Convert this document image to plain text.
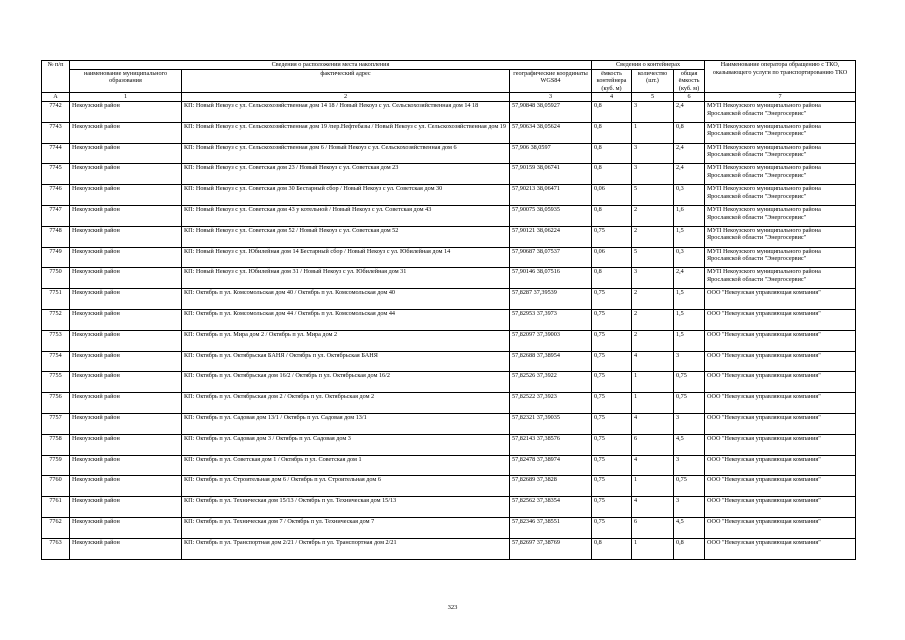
№ п/п	Сведения о расположении места накопления			Сведения о контейнерах			Наименование оператора обращению с ТКО, оказывающего услуги по транспортированию ТКО
	наименование муниципального образования	фактический адрес	географические координаты WGS84	ёмкость контейнера (куб. м)	количество (шт.)	общая ёмкость (куб. м)	
А	1	2	3	4	5	6	7
7742	Некоузский район	КП: Новый Некоуз с ул. Сельскохозяйственная дом 14 18 / Новый Некоуз с ул. Сельскохозяйственная дом 14 18	57,90848 38,05927	0,8	3	2,4	МУП Некоузского муниципального района Ярославской области "Энергосервис"
7743	Некоузский район	КП: Новый Некоуз с ул. Сельскохозяйственная дом 19 /пер.Нефтебазы / Новый Некоуз с ул. Сельскохозяйственная дом 19	57,90634 38,05624	0,8	1	0,8	МУП Некоузского муниципального района Ярославской области "Энергосервис"
7744	Некоузский район	КП: Новый Некоуз с ул. Сельскохозяйственная дом 6 / Новый Некоуз с ул. Сельскохозяйственная дом 6	57,906 38,0597	0,8	3	2,4	МУП Некоузского муниципального района Ярославской области "Энергосервис"
7745	Некоузский район	КП: Новый Некоуз с ул. Советская дом 23 / Новый Некоуз с ул. Советская дом 23	57,90159 38,06741	0,8	3	2,4	МУП Некоузского муниципального района Ярославской области "Энергосервис"
7746	Некоузский район	КП: Новый Некоуз с ул. Советская дом 30 Бестарный сбор / Новый Некоуз с ул. Советская дом 30	57,90213 38,06471	0,06	5	0,3	МУП Некоузского муниципального района Ярославской области "Энергосервис"
7747	Некоузский район	КП: Новый Некоуз с ул. Советская дом 43 у котельной / Новый Некоуз с ул. Советская дом 43	57,90075 38,05935	0,8	2	1,6	МУП Некоузского муниципального района Ярославской области "Энергосервис"
7748	Некоузский район	КП: Новый Некоуз с ул. Советская дом 52 / Новый Некоуз с ул. Советская дом 52	57,90121 38,06224	0,75	2	1,5	МУП Некоузского муниципального района Ярославской области "Энергосервис"
7749	Некоузский район	КП: Новый Некоуз с ул. Юбилейная дом 14 Бестарный сбор / Новый Некоуз с ул. Юбилейная дом 14	57,90687 38,07537	0,06	5	0,3	МУП Некоузского муниципального района Ярославской области "Энергосервис"
7750	Некоузский район	КП: Новый Некоуз с ул. Юбилейная дом 31 / Новый Некоуз с ул. Юбилейная дом 31	57,90146 38,07516	0,8	3	2,4	МУП Некоузского муниципального района Ярославской области "Энергосервис"
7751	Некоузский район	КП: Октябрь п ул. Комсомольская дом 40 / Октябрь п ул. Комсомольская дом 40	57,8287 37,39539	0,75	2	1,5	ООО "Некоузская управляющая компания"
7752	Некоузский район	КП: Октябрь п ул. Комсомольская дом 44 / Октябрь п ул. Комсомольская дом 44	57,82953 37,3973	0,75	2	1,5	ООО "Некоузская управляющая компания"
7753	Некоузский район	КП: Октябрь п ул. Мира дом 2 / Октябрь п ул. Мира дом 2	57,82097 37,39003	0,75	2	1,5	ООО "Некоузская управляющая компания"
7754	Некоузский район	КП: Октябрь п ул. Октябрьская БАНЯ / Октябрь п ул. Октябрьская БАНЯ	57,82688 37,38954	0,75	4	3	ООО "Некоузская управляющая компания"
7755	Некоузский район	КП: Октябрь п ул. Октябрьская дом 16/2 / Октябрь п ул. Октябрьская дом 16/2	57,82526 37,3922	0,75	1	0,75	ООО "Некоузская управляющая компания"
7756	Некоузский район	КП: Октябрь п ул. Октябрьская дом 2 / Октябрь п ул. Октябрьская дом 2	57,82522 37,3923	0,75	1	0,75	ООО "Некоузская управляющая компания"
7757	Некоузский район	КП: Октябрь п ул. Садовая дом 13/1 / Октябрь п ул. Садовая дом 13/1	57,82321 37,39035	0,75	4	3	ООО "Некоузская управляющая компания"
7758	Некоузский район	КП: Октябрь п ул. Садовая дом 3 / Октябрь п ул. Садовая дом 3	57,82143 37,38576	0,75	6	4,5	ООО "Некоузская управляющая компания"
7759	Некоузский район	КП: Октябрь п ул. Советская дом 1 / Октябрь п ул. Советская дом 1	57,82478 37,38974	0,75	4	3	ООО "Некоузская управляющая компания"
7760	Некоузский район	КП: Октябрь п ул. Строительная дом 6 / Октябрь п ул. Строительная дом 6	57,82689 37,3828	0,75	1	0,75	ООО "Некоузская управляющая компания"
7761	Некоузский район	КП: Октябрь п ул. Техническая дом 15/13 / Октябрь п ул. Техническая дом 15/13	57,82562 37,38354	0,75	4	3	ООО "Некоузская управляющая компания"
7762	Некоузский район	КП: Октябрь п ул. Техническая дом 7 / Октябрь п ул. Техническая дом 7	57,82346 37,38551	0,75	6	4,5	ООО "Некоузская управляющая компания"
7763	Некоузский район	КП: Октябрь п ул. Транспортная дом 2/21 / Октябрь п ул. Транспортная дом 2/21	57,82697 37,38769	0,8	1	0,8	ООО "Некоузская управляющая компания"
323
